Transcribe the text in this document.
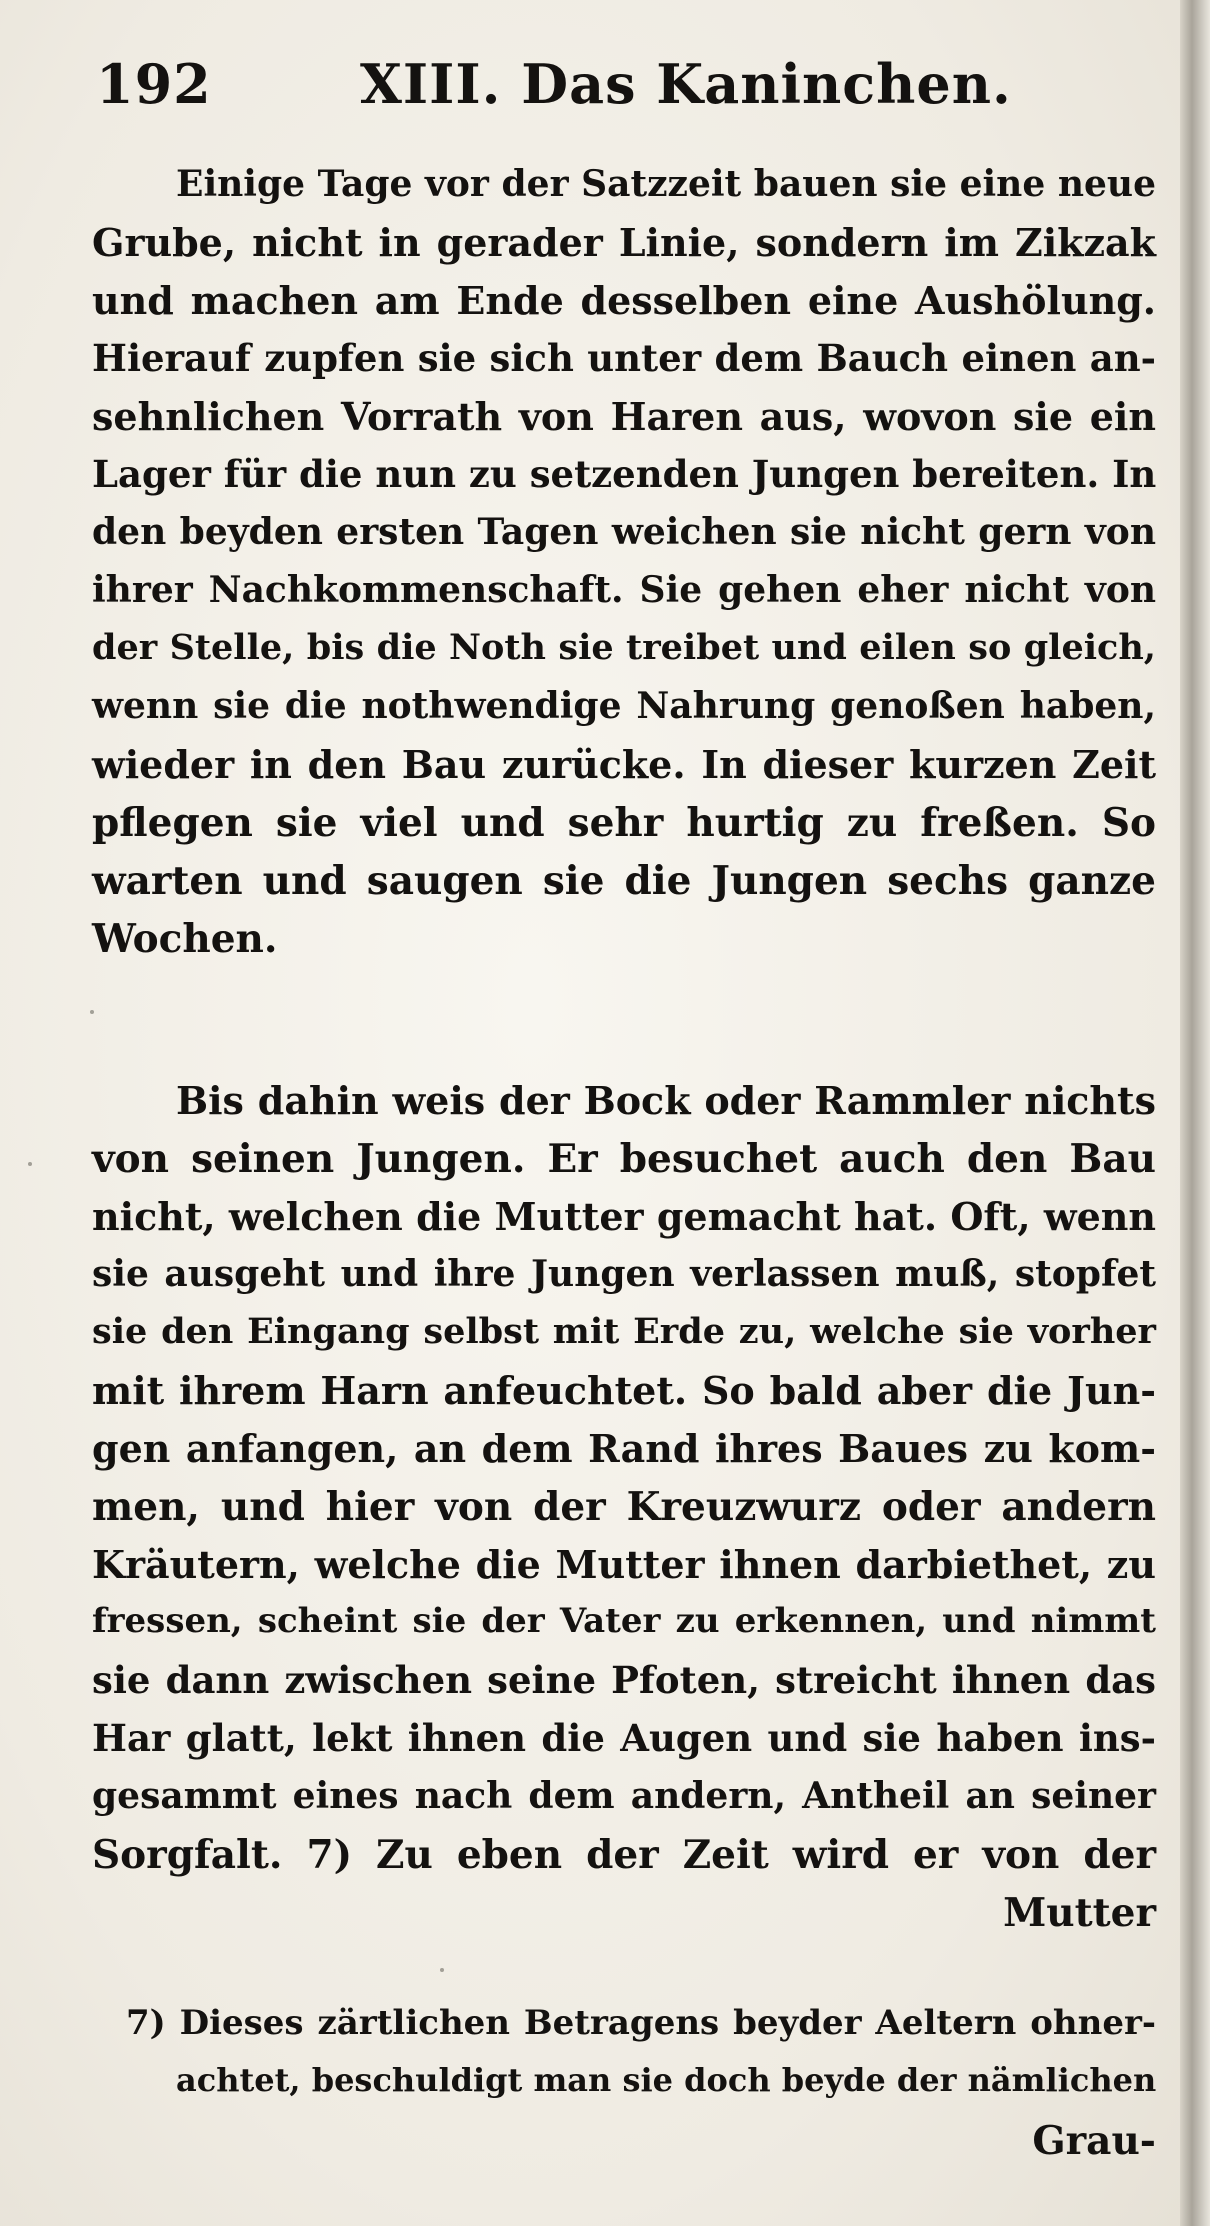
192	XIII. Das Kaninchen.
Einige Tage vor der Satzzeit bauen sie eine neue
Grube, nicht in gerader Linie, sondern im Zikzak
und machen am Ende desselben eine Aushölung.
Hierauf zupfen sie sich unter dem Bauch einen an-
sehnlichen Vorrath von Haren aus, wovon sie ein
Lager für die nun zu setzenden Jungen bereiten. In
den beyden ersten Tagen weichen sie nicht gern von
ihrer Nachkommenschaft. Sie gehen eher nicht von
der Stelle, bis die Noth sie treibet und eilen so gleich,
wenn sie die nothwendige Nahrung genoßen haben,
wieder in den Bau zurücke. In dieser kurzen Zeit
pflegen sie viel und sehr hurtig zu freßen. So
warten und saugen sie die Jungen sechs ganze
Wochen.
Bis dahin weis der Bock oder Rammler nichts
von seinen Jungen. Er besuchet auch den Bau
nicht, welchen die Mutter gemacht hat. Oft, wenn
sie ausgeht und ihre Jungen verlassen muß, stopfet
sie den Eingang selbst mit Erde zu, welche sie vorher
mit ihrem Harn anfeuchtet. So bald aber die Jun-
gen anfangen, an dem Rand ihres Baues zu kom-
men, und hier von der Kreuzwurz oder andern
Kräutern, welche die Mutter ihnen darbiethet, zu
fressen, scheint sie der Vater zu erkennen, und nimmt
sie dann zwischen seine Pfoten, streicht ihnen das
Har glatt, lekt ihnen die Augen und sie haben ins-
gesammt eines nach dem andern, Antheil an seiner
Sorgfalt. 7) Zu eben der Zeit wird er von der
Mutter
7) Dieses zärtlichen Betragens beyder Aeltern ohner-
achtet, beschuldigt man sie doch beyde der nämlichen
Grau-
